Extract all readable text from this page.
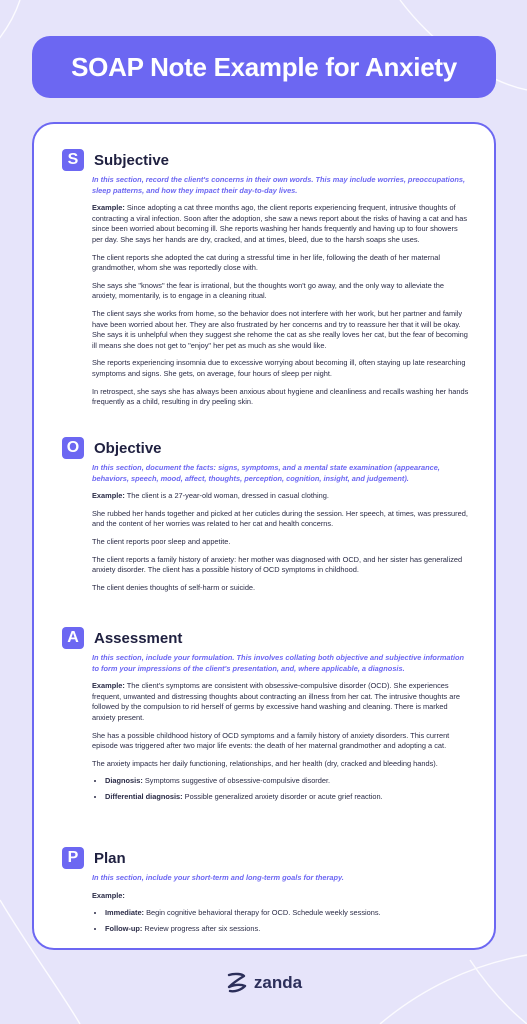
SOAP Note Example for Anxiety
S	Subjective

In this section, record the client's concerns in their own words. This may include worries, preoccupations, sleep patterns, and how they impact their day-to-day lives.

Example: Since adopting a cat three months ago, the client reports experiencing frequent, intrusive thoughts of contracting a viral infection. Soon after the adoption, she saw a news report about the risks of having a cat and has since been worried about becoming ill. She reports washing her hands frequently and having up to four showers per day. She says her hands are dry, cracked, and at times, bleed, due to the harsh soaps she uses.

The client reports she adopted the cat during a stressful time in her life, following the death of her maternal grandmother, whom she was reportedly close with.

She says she "knows" the fear is irrational, but the thoughts won't go away, and the only way to alleviate the anxiety, momentarily, is to engage in a cleaning ritual.

The client says she works from home, so the behavior does not interfere with her work, but her partner and family have been worried about her. They are also frustrated by her concerns and try to reassure her that it will be okay. She says it is unhelpful when they suggest she rehome the cat as she really loves her cat, but the fear of becoming ill means she does not get to "enjoy" her pet as much as she would like.

She reports experiencing insomnia due to excessive worrying about becoming ill, often staying up late researching symptoms and signs. She gets, on average, four hours of sleep per night.

In retrospect, she says she has always been anxious about hygiene and cleanliness and recalls washing her hands frequently as a child, resulting in dry peeling skin.

O Objective

In this section, document the facts: signs, symptoms, and a mental state examination (appearance, behaviors, speech, mood, affect, thoughts, perception, cognition, insight, and judgement).

Example: The client is a 27-year-old woman, dressed in casual clothing.

She rubbed her hands together and picked at her cuticles during the session. Her speech, at times, was pressured, and the content of her worries was related to her cat and health concerns.

The client reports poor sleep and appetite.

The client reports a family history of anxiety: her mother was diagnosed with OCD, and her sister has generalized anxiety disorder. The client has a possible history of OCD symptoms in childhood.

The client denies thoughts of self-harm or suicide.

A	Assessment

In this section, include your formulation. This involves collating both objective and subjective information to form your impressions of the client's presentation, and, where applicable, a diagnosis.

Example: The client's symptoms are consistent with obsessive-compulsive disorder (OCD). She experiences frequent, unwanted and distressing thoughts about contracting an illness from her cat. The intrusive thoughts are followed by the compulsion to rid herself of germs by excessive hand washing and cleaning. There is marked anxiety present.

She has a possible childhood history of OCD symptoms and a family history of anxiety disorders. This current episode was triggered after two major life events: the death of her maternal grandmother and adopting a cat.

The anxiety impacts her daily functioning, relationships, and her health (dry, cracked and bleeding hands).

• Diagnosis: Symptoms suggestive of obsessive-compulsive disorder.
• Differential diagnosis: Possible generalized anxiety disorder or acute grief reaction.
P	Plan

In this section, include your short-term and long-term goals for therapy.

Example:

• Immediate: Begin cognitive behavioral therapy for OCD. Schedule weekly sessions.
• Follow-up: Review progress after six sessions.
zanda
